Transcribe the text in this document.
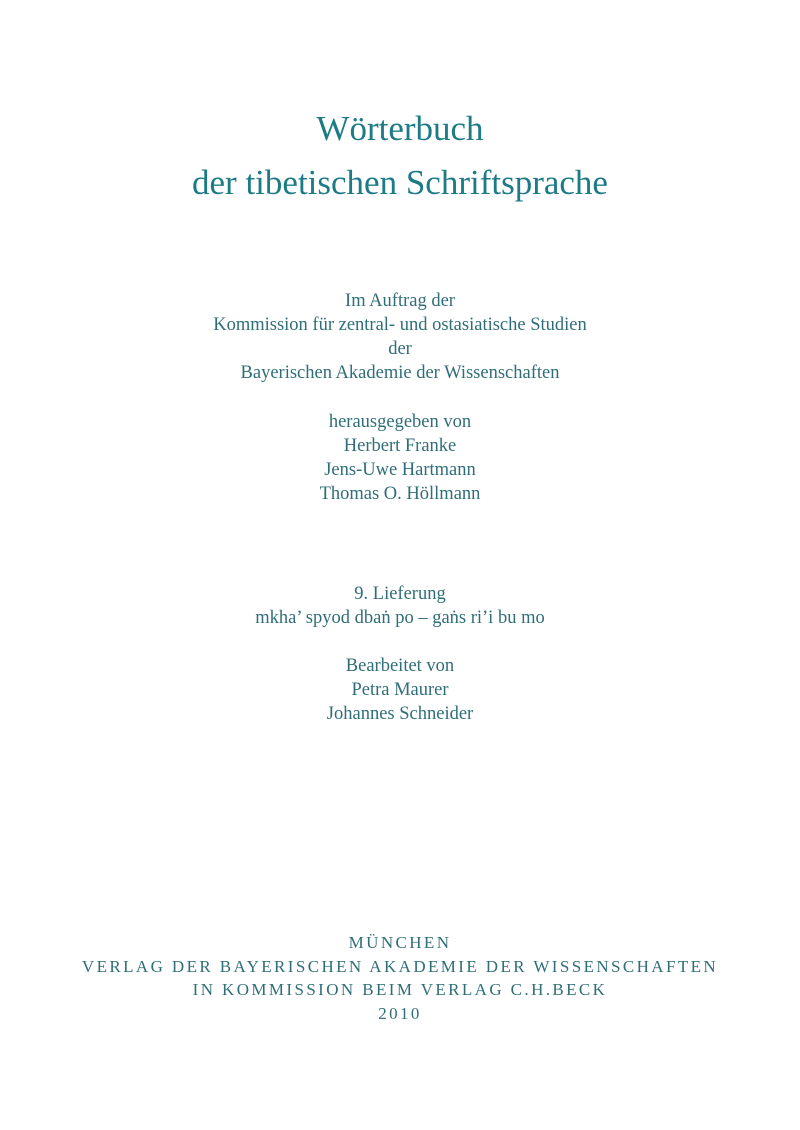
Wörterbuch
der tibetischen Schriftsprache
Im Auftrag der
Kommission für zentral- und ostasiatische Studien
der
Bayerischen Akademie der Wissenschaften
herausgegeben von
Herbert Franke
Jens-Uwe Hartmann
Thomas O. Höllmann
9. Lieferung
mkha’ spyod dbaṅ po – gaṅs ri’i bu mo
Bearbeitet von
Petra Maurer
Johannes Schneider
MÜNCHEN
VERLAG DER BAYERISCHEN AKADEMIE DER WISSENSCHAFTEN
IN KOMMISSION BEIM VERLAG C.H.BECK
2010
